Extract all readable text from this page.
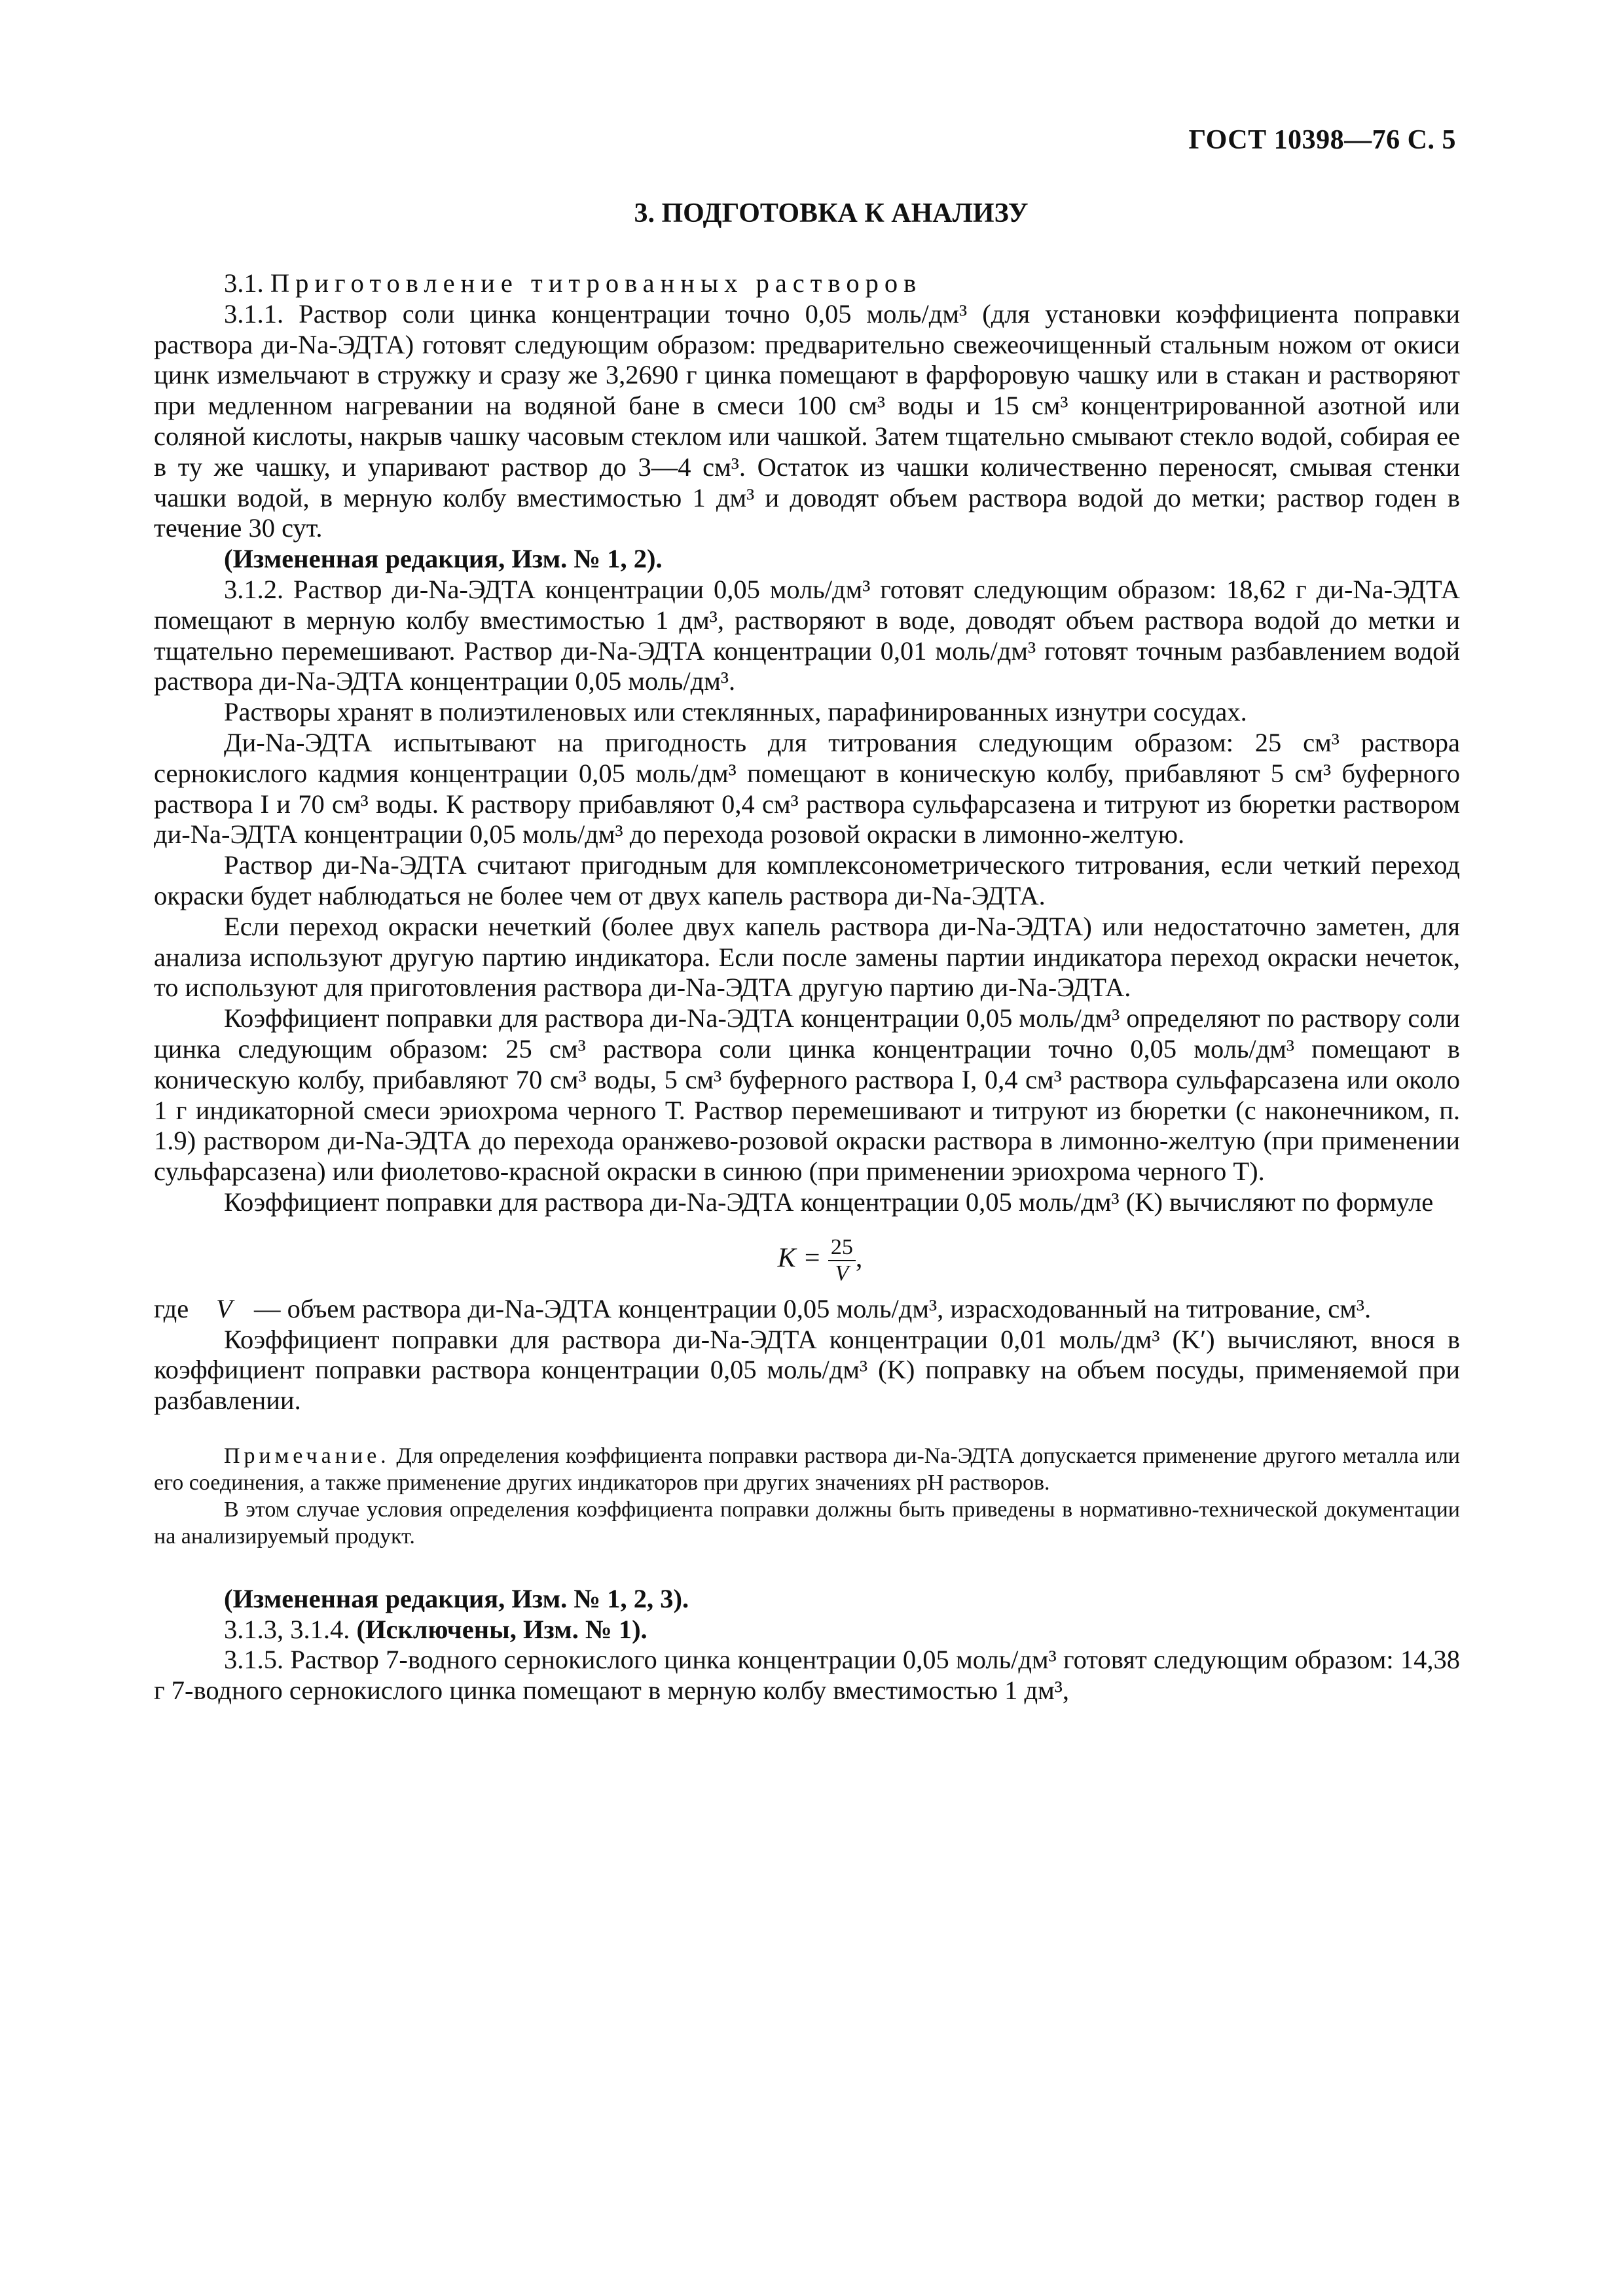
ГОСТ 10398—76 С. 5
3. ПОДГОТОВКА К АНАЛИЗУ

3.1. Приготовление титрованных растворов

3.1.1. Раствор соли цинка концентрации точно 0,05 моль/дм³ (для установки коэффициента поправки раствора ди-Na-ЭДТА) готовят следующим образом: предварительно свежеочищенный стальным ножом от окиси цинк измельчают в стружку и сразу же 3,2690 г цинка помещают в фарфоровую чашку или в стакан и растворяют при медленном нагревании на водяной бане в смеси 100 см³ воды и 15 см³ концентрированной азотной или соляной кислоты, накрыв чашку часовым стеклом или чашкой. Затем тщательно смывают стекло водой, собирая ее в ту же чашку, и упаривают раствор до 3—4 см³. Остаток из чашки количественно переносят, смывая стенки чашки водой, в мерную колбу вместимостью 1 дм³ и доводят объем раствора водой до метки; раствор годен в течение 30 сут.

(Измененная редакция, Изм. № 1, 2).

3.1.2. Раствор ди-Na-ЭДТА концентрации 0,05 моль/дм³ готовят следующим образом: 18,62 г ди-Na-ЭДТА помещают в мерную колбу вместимостью 1 дм³, растворяют в воде, доводят объем раствора водой до метки и тщательно перемешивают. Раствор ди-Na-ЭДТА концентрации 0,01 моль/дм³ готовят точным разбавлением водой раствора ди-Na-ЭДТА концентрации 0,05 моль/дм³.

Растворы хранят в полиэтиленовых или стеклянных, парафинированных изнутри сосудах.

Ди-Na-ЭДТА испытывают на пригодность для титрования следующим образом: 25 см³ раствора сернокислого кадмия концентрации 0,05 моль/дм³ помещают в коническую колбу, прибавляют 5 см³ буферного раствора I и 70 см³ воды. К раствору прибавляют 0,4 см³ раствора сульфарсазена и титруют из бюретки раствором ди-Na-ЭДТА концентрации 0,05 моль/дм³ до перехода розовой окраски в лимонно-желтую.

Раствор ди-Na-ЭДТА считают пригодным для комплексонометрического титрования, если четкий переход окраски будет наблюдаться не более чем от двух капель раствора ди-Na-ЭДТА.

Если переход окраски нечеткий (более двух капель раствора ди-Na-ЭДТА) или недостаточно заметен, для анализа используют другую партию индикатора. Если после замены партии индикатора переход окраски нечеток, то используют для приготовления раствора ди-Na-ЭДТА другую партию ди-Na-ЭДТА.

Коэффициент поправки для раствора ди-Na-ЭДТА концентрации 0,05 моль/дм³ определяют по раствору соли цинка следующим образом: 25 см³ раствора соли цинка концентрации точно 0,05 моль/дм³ помещают в коническую колбу, прибавляют 70 см³ воды, 5 см³ буферного раствора I, 0,4 см³ раствора сульфарсазена или около 1 г индикаторной смеси эриохрома черного Т. Раствор перемешивают и титруют из бюретки (с наконечником, п. 1.9) раствором ди-Na-ЭДТА до перехода оранжево-розовой окраски раствора в лимонно-желтую (при применении сульфарсазена) или фиолетово-красной окраски в синюю (при применении эриохрома черного Т).

Коэффициент поправки для раствора ди-Na-ЭДТА концентрации 0,05 моль/дм³ (K) вычисляют по формуле

$K = \frac{25}{V}$ ,

где	V — объем раствора ди-Na-ЭДТА концентрации 0,05 моль/дм³, израсходованный на титрование, см³.

Коэффициент поправки для раствора ди-Na-ЭДТА концентрации 0,01 моль/дм³ (K′) вычисляют, внося в коэффициент поправки раствора концентрации 0,05 моль/дм³ (K) поправку на объем посуды, применяемой при разбавлении.

Примечание. Для определения коэффициента поправки раствора ди-Na-ЭДТА допускается применение другого металла или его соединения, а также применение других индикаторов при других значениях pH растворов.

В этом случае условия определения коэффициента поправки должны быть приведены в нормативно-технической документации на анализируемый продукт.

(Измененная редакция, Изм. № 1, 2, 3).

3.1.3, 3.1.4. (Исключены, Изм. № 1).

3.1.5. Раствор 7-водного сернокислого цинка концентрации 0,05 моль/дм³ готовят следующим образом: 14,38 г 7-водного сернокислого цинка помещают в мерную колбу вместимостью 1 дм³,
